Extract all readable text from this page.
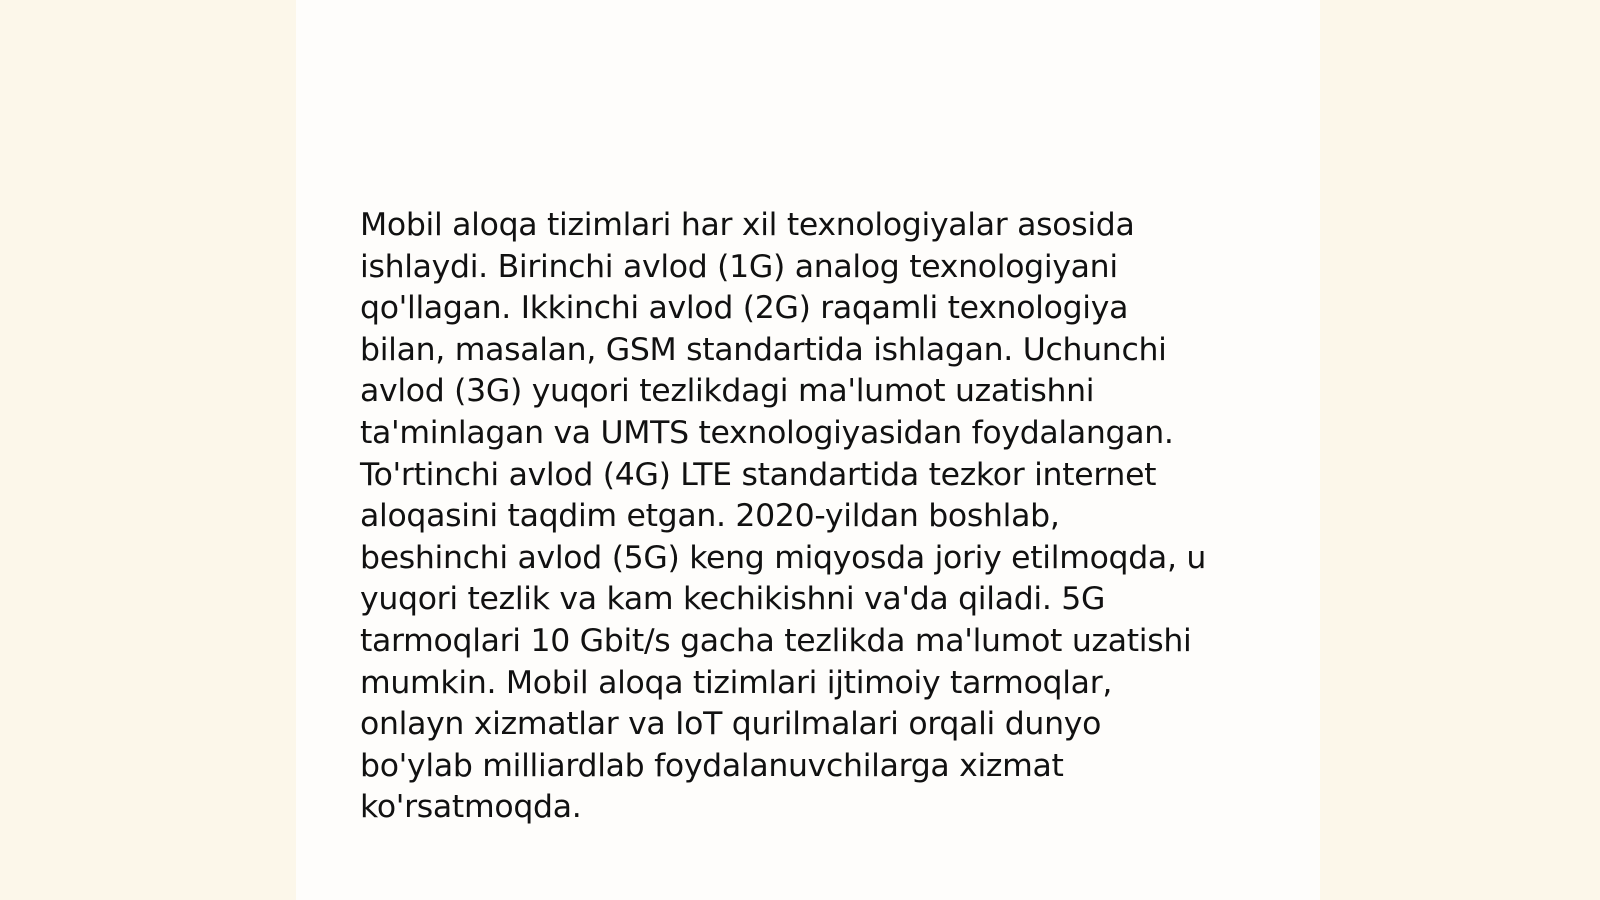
Mobil aloqa tizimlari har xil texnologiyalar asosida
ishlaydi. Birinchi avlod (1G) analog texnologiyani
qo'llagan. Ikkinchi avlod (2G) raqamli texnologiya
bilan, masalan, GSM standartida ishlagan. Uchunchi
avlod (3G) yuqori tezlikdagi ma'lumot uzatishni
ta'minlagan va UMTS texnologiyasidan foydalangan.
To'rtinchi avlod (4G) LTE standartida tezkor internet
aloqasini taqdim etgan. 2020-yildan boshlab,
beshinchi avlod (5G) keng miqyosda joriy etilmoqda, u
yuqori tezlik va kam kechikishni va'da qiladi. 5G
tarmoqlari 10 Gbit/s gacha tezlikda ma'lumot uzatishi
mumkin. Mobil aloqa tizimlari ijtimoiy tarmoqlar,
onlayn xizmatlar va IoT qurilmalari orqali dunyo
bo'ylab milliardlab foydalanuvchilarga xizmat
ko'rsatmoqda.
